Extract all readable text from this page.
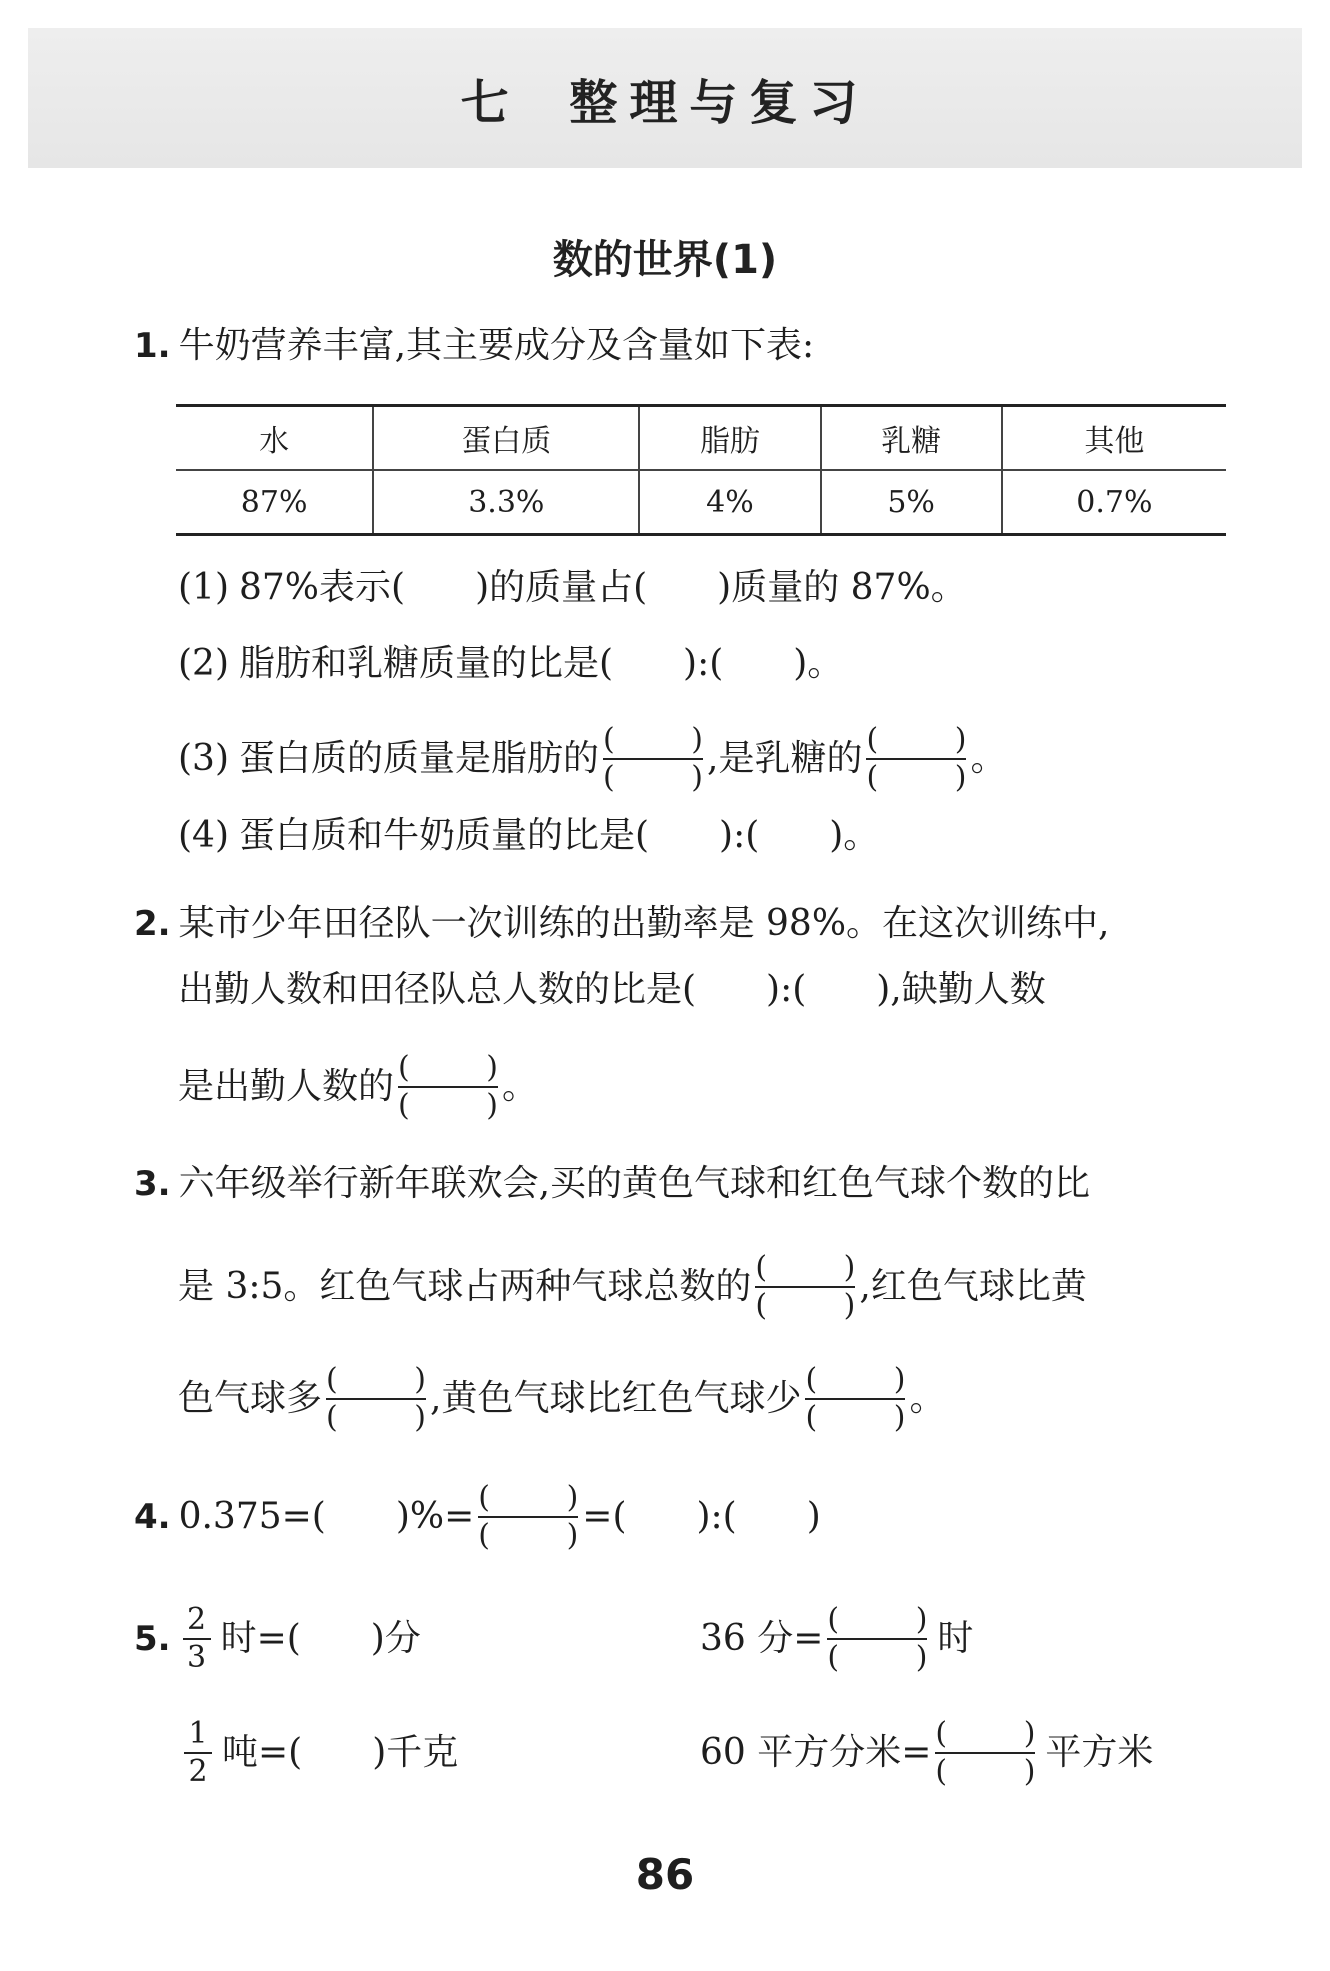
七 整理与复习
数的世界(1)
1. 牛奶营养丰富,其主要成分及含量如下表:
水	蛋白质	脂肪	乳糖	其他
87%	3.3%	4%	5%	0.7%
(1) 87%表示( )的质量占( )质量的 87%。
(2) 脂肪和乳糖质量的比是( ):( )。
(3) 蛋白质的质量是脂肪的 (	)
(	) ,是乳糖的 (	)
(	) 。
(4) 蛋白质和牛奶质量的比是( ):( )。
2. 某市少年田径队一次训练的出勤率是 98%。在这次训练中,
出勤人数和田径队总人数的比是( ):( ),缺勤人数
是出勤人数的 (	)
(	) 。
3. 六年级举行新年联欢会,买的黄色气球和红色气球个数的比
是 3:5。红色气球占两种气球总数的 (	)
(	) ,红色气球比黄
色气球多 (	)
(	) ,黄色气球比红色气球少 (	)
(	) 。
4. 0.375=( )%= (	)
(	) =( ):( )
5. $\frac{2}{3}$ 时=( )分	36 分= (	)
(	) 时
$\frac{1}{2}$ 吨=( )千克	60 平方分米= (	)
(	) 平方米
86
